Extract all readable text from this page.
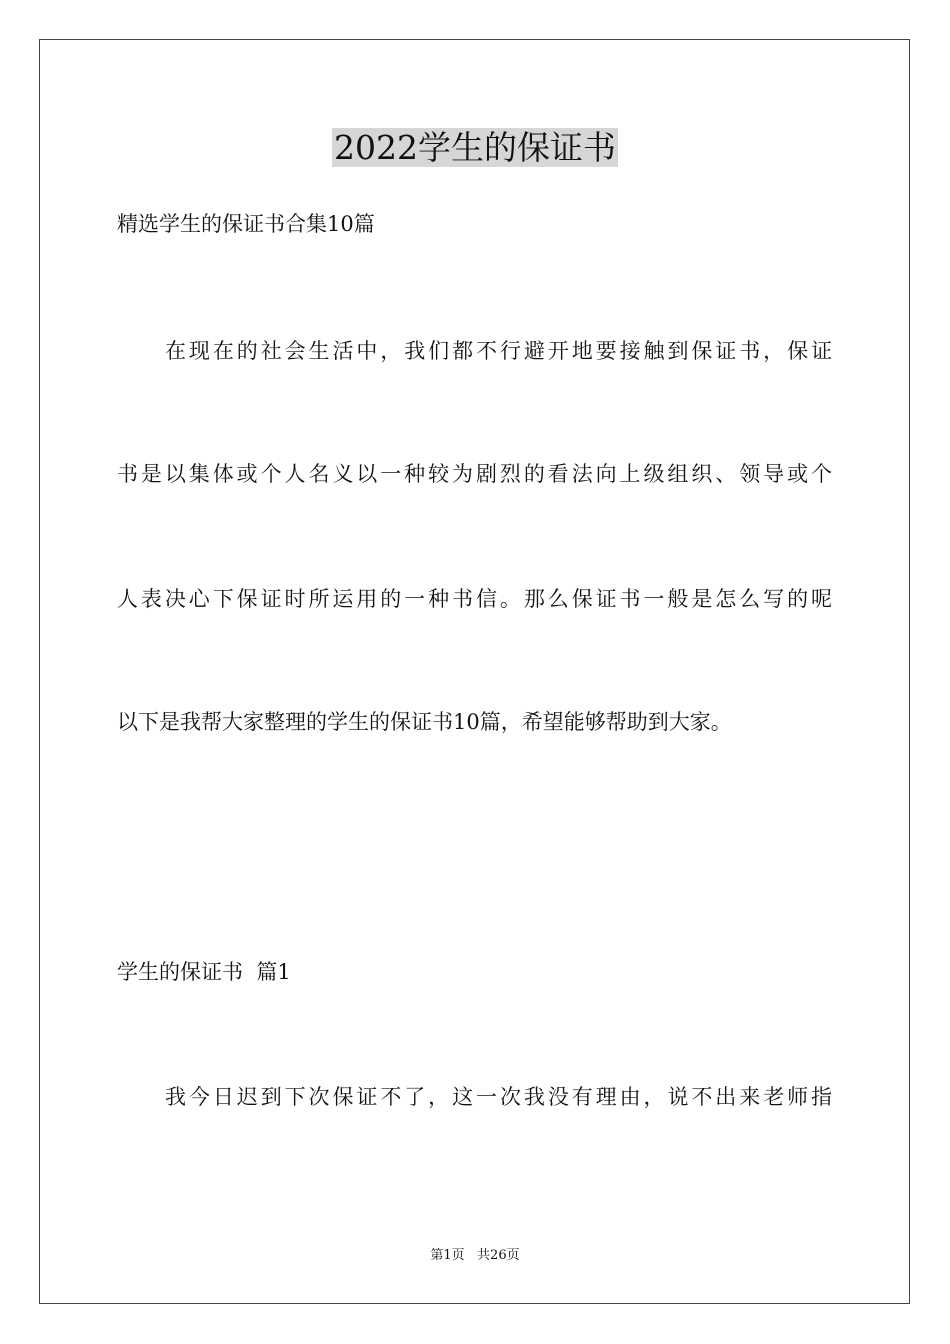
2022学生的保证书
精选学生的保证书合集10篇
在现在的社会生活中，我们都不行避开地要接触到保证书，保证
书是以集体或个人名义以一种较为剧烈的看法向上级组织、领导或个
人表决心下保证时所运用的一种书信。那么保证书一般是怎么写的呢
以下是我帮大家整理的学生的保证书10篇，希望能够帮助到大家。
学生的保证书  篇1
我今日迟到下次保证不了，这一次我没有理由，说不出来老师指
第1页   共26页
